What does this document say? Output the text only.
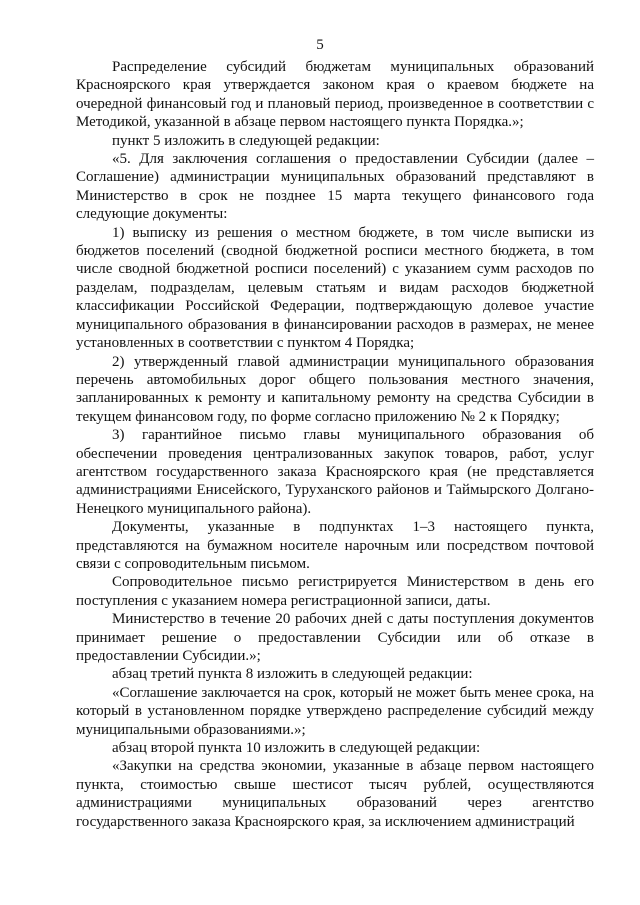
5

Распределение субсидий бюджетам муниципальных образований Красноярского края утверждается законом края о краевом бюджете на очередной финансовый год и плановый период, произведенное в соответствии с Методикой, указанной в абзаце первом настоящего пункта Порядка.»;

пункт 5 изложить в следующей редакции:

«5. Для заключения соглашения о предоставлении Субсидии (далее – Соглашение) администрации муниципальных образований представляют в Министерство в срок не позднее 15 марта текущего финансового года следующие документы:

1) выписку из решения о местном бюджете, в том числе выписки из бюджетов поселений (сводной бюджетной росписи местного бюджета, в том числе сводной бюджетной росписи поселений) с указанием сумм расходов по разделам, подразделам, целевым статьям и видам расходов бюджетной классификации Российской Федерации, подтверждающую долевое участие муниципального образования в финансировании расходов в размерах, не менее установленных в соответствии с пунктом 4 Порядка;

2) утвержденный главой администрации муниципального образования перечень автомобильных дорог общего пользования местного значения, запланированных к ремонту и капитальному ремонту на средства Субсидии в текущем финансовом году, по форме согласно приложению № 2 к Порядку;

3) гарантийное письмо главы муниципального образования об обеспечении проведения централизованных закупок товаров, работ, услуг агентством государственного заказа Красноярского края (не представляется администрациями Енисейского, Туруханского районов и Таймырского Долгано-Ненецкого муниципального района).

Документы, указанные в подпунктах 1–3 настоящего пункта, представляются на бумажном носителе нарочным или посредством почтовой связи с сопроводительным письмом.

Сопроводительное письмо регистрируется Министерством в день его поступления с указанием номера регистрационной записи, даты.

Министерство в течение 20 рабочих дней с даты поступления документов принимает решение о предоставлении Субсидии или об отказе в предоставлении Субсидии.»;

абзац третий пункта 8 изложить в следующей редакции:

«Соглашение заключается на срок, который не может быть менее срока, на который в установленном порядке утверждено распределение субсидий между муниципальными образованиями.»;

абзац второй пункта 10 изложить в следующей редакции:

«Закупки на средства экономии, указанные в абзаце первом настоящего пункта, стоимостью свыше шестисот тысяч рублей, осуществляются администрациями муниципальных образований через агентство государственного заказа Красноярского края, за исключением администраций
